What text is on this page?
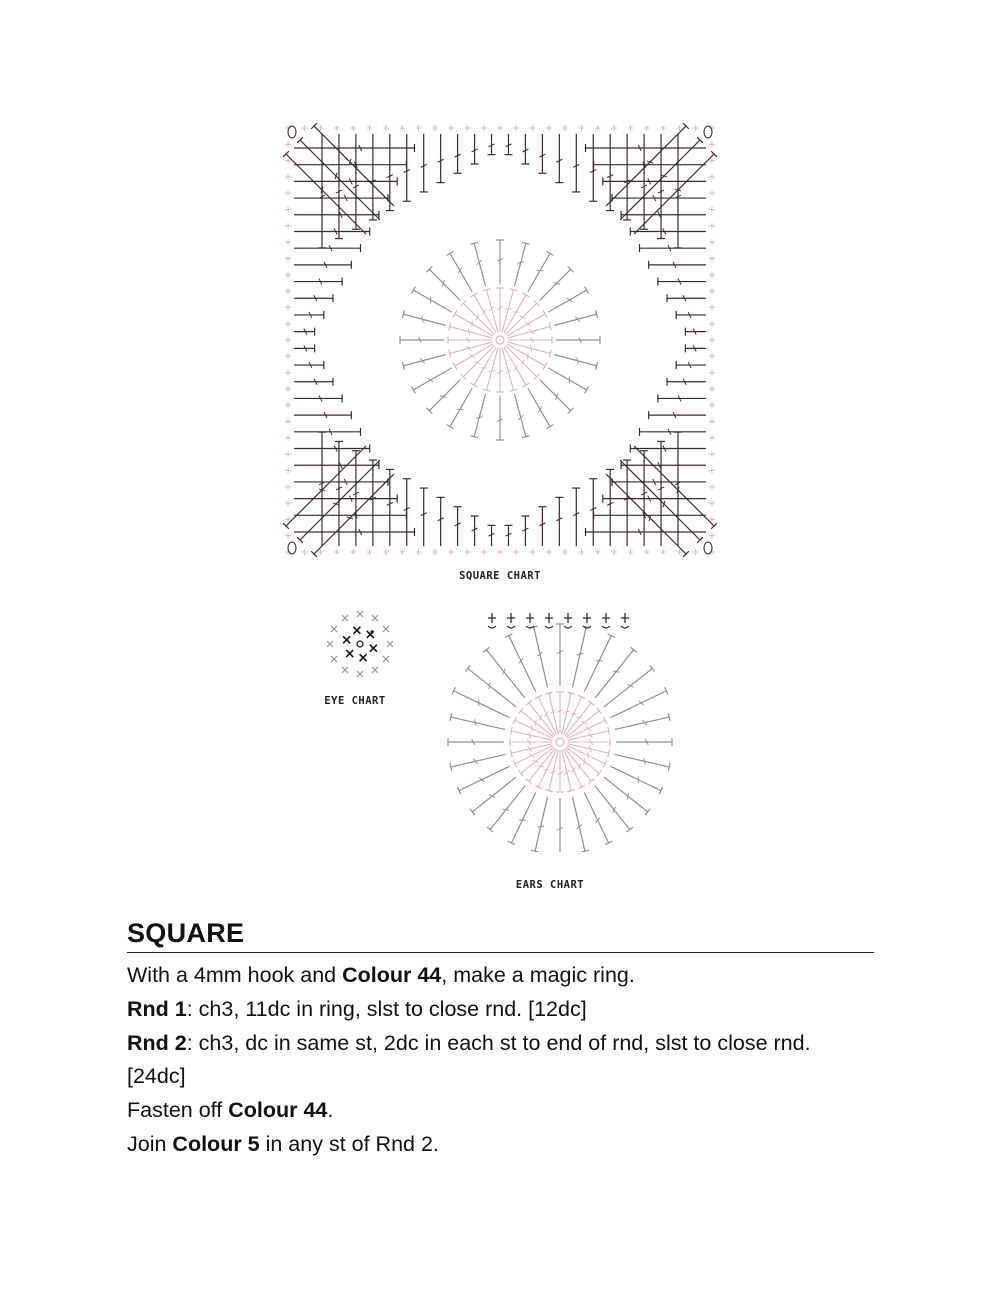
SQUARE CHART
EYE CHART
EARS CHART
SQUARE

With a 4mm hook and Colour 44, make a magic ring.

Rnd 1: ch3, 11dc in ring, slst to close rnd. [12dc]

Rnd 2: ch3, dc in same st, 2dc in each st to end of rnd, slst to close rnd. [24dc]

Fasten off Colour 44.

Join Colour 5 in any st of Rnd 2.
